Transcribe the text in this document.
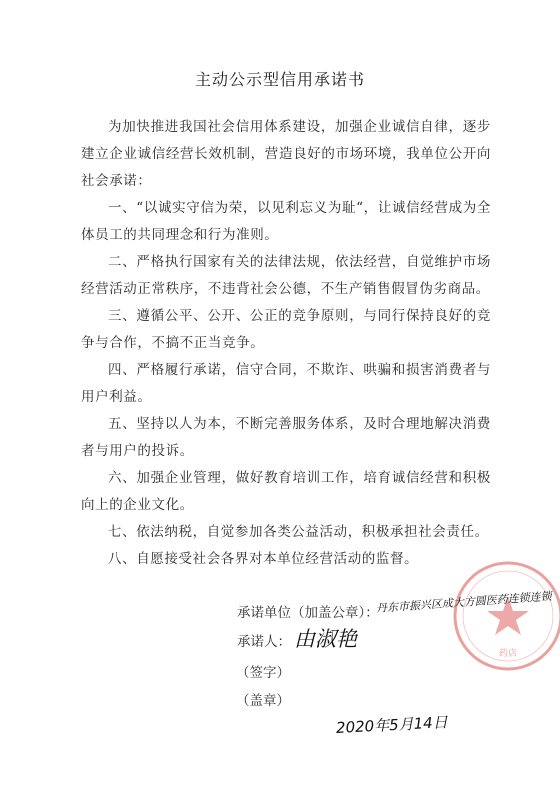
主动公示型信用承诺书

为加快推进我国社会信用体系建设，加强企业诚信自律，逐步建立企业诚信经营长效机制，营造良好的市场环境，我单位公开向社会承诺：

一、“以诚实守信为荣，以见利忘义为耻“，让诚信经营成为全体员工的共同理念和行为准则。

二、严格执行国家有关的法律法规，依法经营，自觉维护市场经营活动正常秩序，不违背社会公德，不生产销售假冒伪劣商品。

三、遵循公平、公开、公正的竞争原则，与同行保持良好的竞争与合作，不搞不正当竞争。

四、严格履行承诺，信守合同，不欺诈、哄骗和损害消费者与用户利益。

五、坚持以人为本，不断完善服务体系，及时合理地解决消费者与用户的投诉。

六、加强企业管理，做好教育培训工作，培育诚信经营和积极向上的企业文化。

七、依法纳税，自觉参加各类公益活动，积极承担社会责任。

八、自愿接受社会各界对本单位经营活动的监督。

药店
承诺单位（加盖公章）：
丹东市振兴区成大方圆医药连锁连锁
承诺人： 由淑艳
（签字）
（盖章）
2020年5月14日
